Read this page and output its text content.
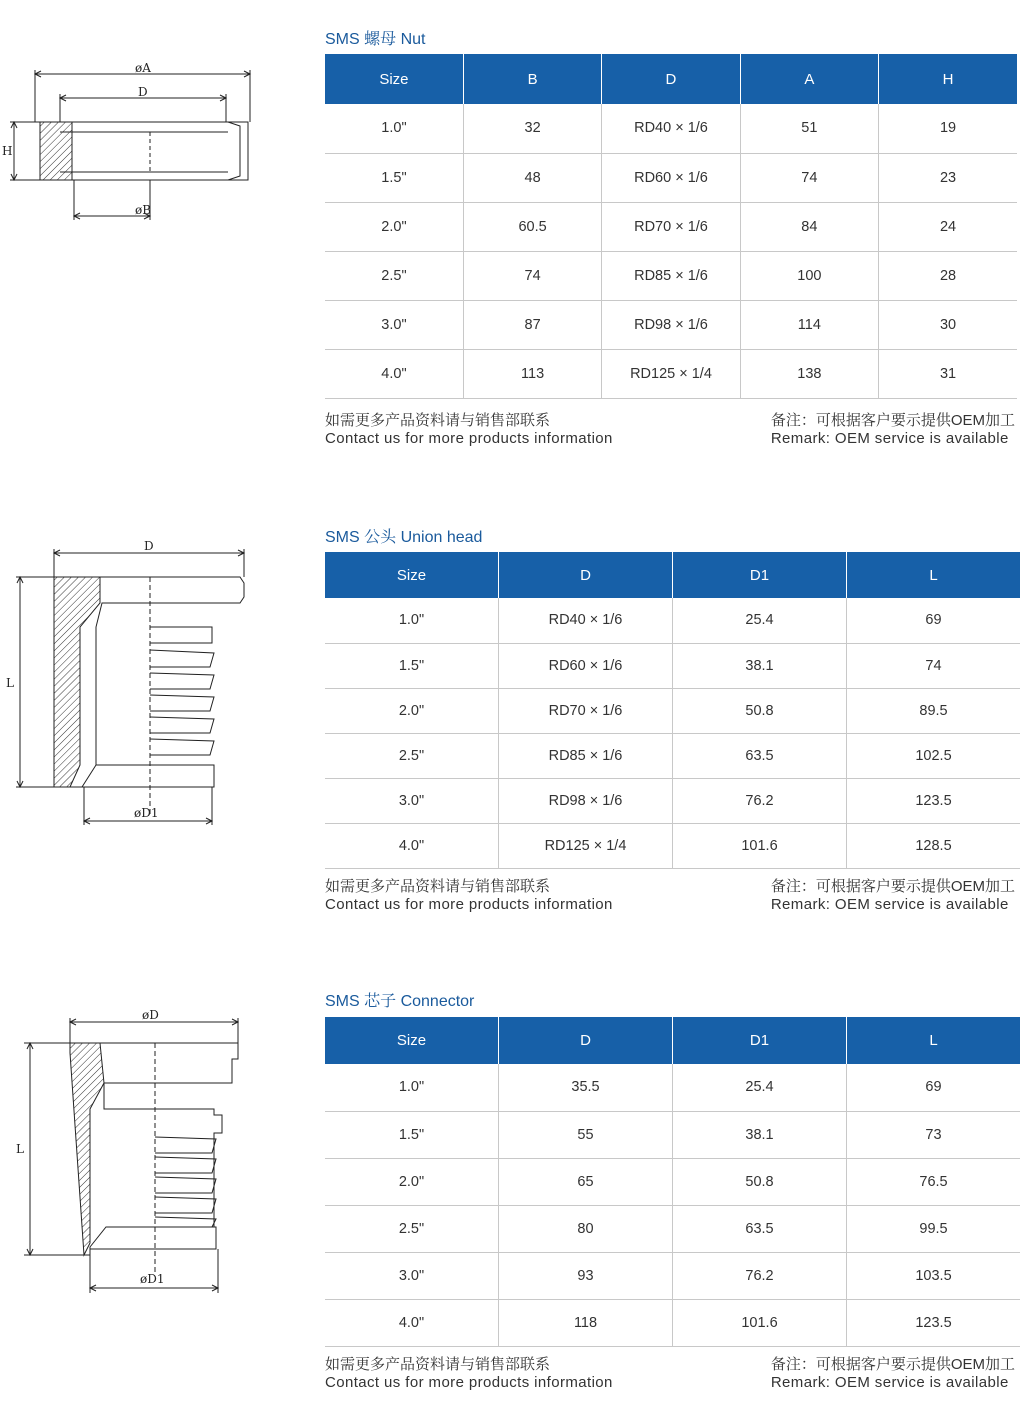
øA
D
øB
H
SMS 螺母 Nut
Size	B	D	A	H
1.0"	32	RD40 × 1/6	51	19
1.5"	48	RD60 × 1/6	74	23
2.0"	60.5	RD70 × 1/6	84	24
2.5"	74	RD85 × 1/6	100	28
3.0"	87	RD98 × 1/6	114	30
4.0"	113	RD125 × 1/4	138	31
如需更多产品资料请与销售部联系
Contact us for more products information
备注：可根据客户要示提供OEM加工
Remark: OEM service is available
D
L
øD1
SMS 公头 Union head
Size	D	D1	L
1.0"	RD40 × 1/6	25.4	69
1.5"	RD60 × 1/6	38.1	74
2.0"	RD70 × 1/6	50.8	89.5
2.5"	RD85 × 1/6	63.5	102.5
3.0"	RD98 × 1/6	76.2	123.5
4.0"	RD125 × 1/4	101.6	128.5
如需更多产品资料请与销售部联系
Contact us for more products information
备注：可根据客户要示提供OEM加工
Remark: OEM service is available
øD
L
øD1
SMS 芯子 Connector
Size	D	D1	L
1.0"	35.5	25.4	69
1.5"	55	38.1	73
2.0"	65	50.8	76.5
2.5"	80	63.5	99.5
3.0"	93	76.2	103.5
4.0"	118	101.6	123.5
如需更多产品资料请与销售部联系
Contact us for more products information
备注：可根据客户要示提供OEM加工
Remark: OEM service is available
